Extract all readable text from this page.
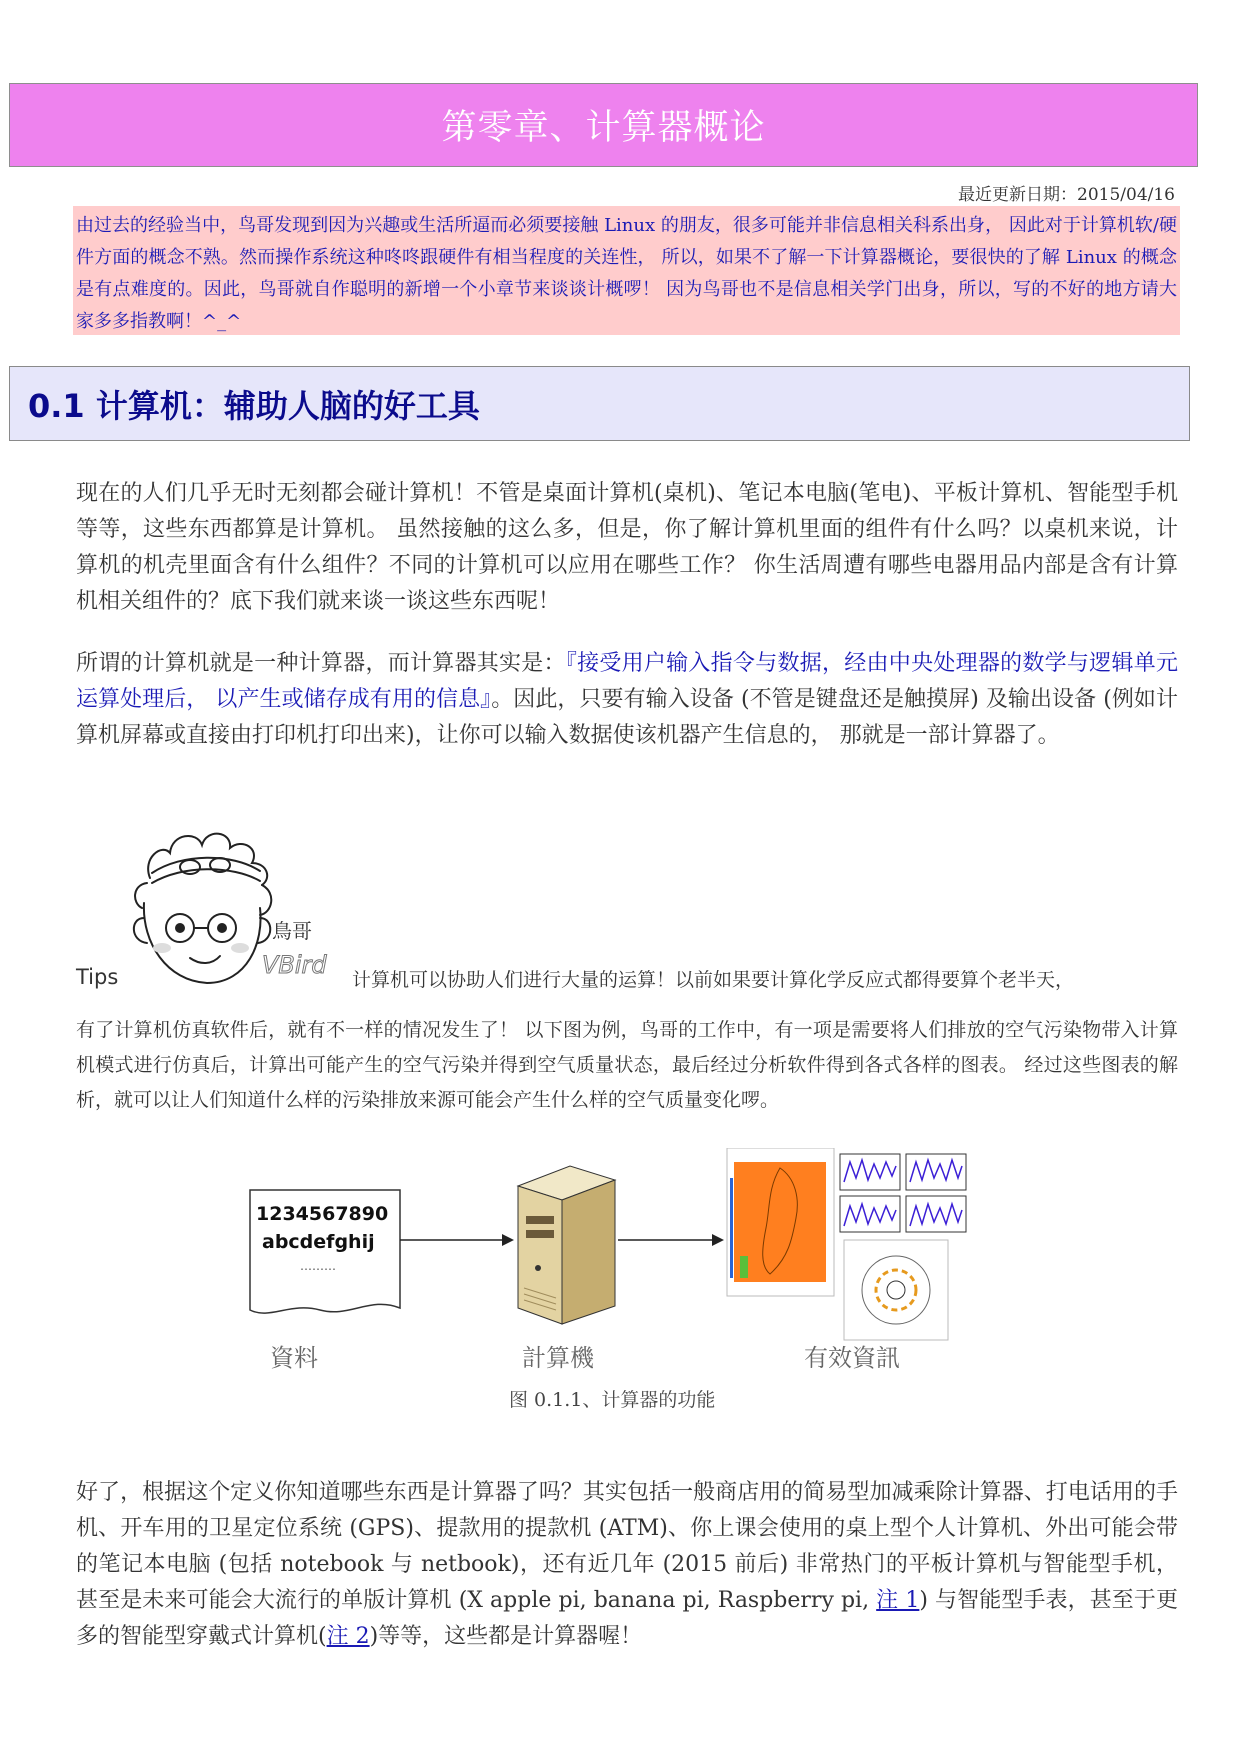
第零章、计算器概论
最近更新日期：2015/04/16
由过去的经验当中，鸟哥发现到因为兴趣或生活所逼而必须要接触 Linux 的朋友，很多可能并非信息相关科系出身， 因此对于计算机软/硬件方面的概念不熟。然而操作系统这种咚咚跟硬件有相当程度的关连性， 所以，如果不了解一下计算器概论，要很快的了解 Linux 的概念是有点难度的。因此，鸟哥就自作聪明的新增一个小章节来谈谈计概啰！ 因为鸟哥也不是信息相关学门出身，所以，写的不好的地方请大家多多指教啊！^_^
0.1 计算机：辅助人脑的好工具
现在的人们几乎无时无刻都会碰计算机！不管是桌面计算机(桌机)、笔记本电脑(笔电)、平板计算机、智能型手机等等，这些东西都算是计算机。 虽然接触的这么多，但是，你了解计算机里面的组件有什么吗？以桌机来说，计算机的机壳里面含有什么组件？不同的计算机可以应用在哪些工作？ 你生活周遭有哪些电器用品内部是含有计算机相关组件的？底下我们就来谈一谈这些东西呢！
所谓的计算机就是一种计算器，而计算器其实是：『接受用户输入指令与数据，经由中央处理器的数学与逻辑单元运算处理后， 以产生或储存成有用的信息』。因此，只要有输入设备 (不管是键盘还是触摸屏) 及输出设备 (例如计算机屏幕或直接由打印机打印出来)，让你可以输入数据使该机器产生信息的， 那就是一部计算器了。
鳥哥
VBird
Tips	计算机可以协助人们进行大量的运算！以前如果要计算化学反应式都得要算个老半天，
有了计算机仿真软件后，就有不一样的情况发生了！ 以下图为例，鸟哥的工作中，有一项是需要将人们排放的空气污染物带入计算机模式进行仿真后，计算出可能产生的空气污染并得到空气质量状态，最后经过分析软件得到各式各样的图表。 经过这些图表的解析，就可以让人们知道什么样的污染排放来源可能会产生什么样的空气质量变化啰。
1234567890
abcdefghij
………
資料	計算機	有效資訊
图 0.1.1、计算器的功能
好了，根据这个定义你知道哪些东西是计算器了吗？其实包括一般商店用的简易型加减乘除计算器、打电话用的手机、开车用的卫星定位系统 (GPS)、提款用的提款机 (ATM)、你上课会使用的桌上型个人计算机、外出可能会带的笔记本电脑 (包括 notebook 与 netbook)，还有近几年 (2015 前后) 非常热门的平板计算机与智能型手机， 甚至是未来可能会大流行的单版计算机 (X apple pi, banana pi, Raspberry pi, 注 1) 与智能型手表，甚至于更多的智能型穿戴式计算机(注 2)等等，这些都是计算器喔！
